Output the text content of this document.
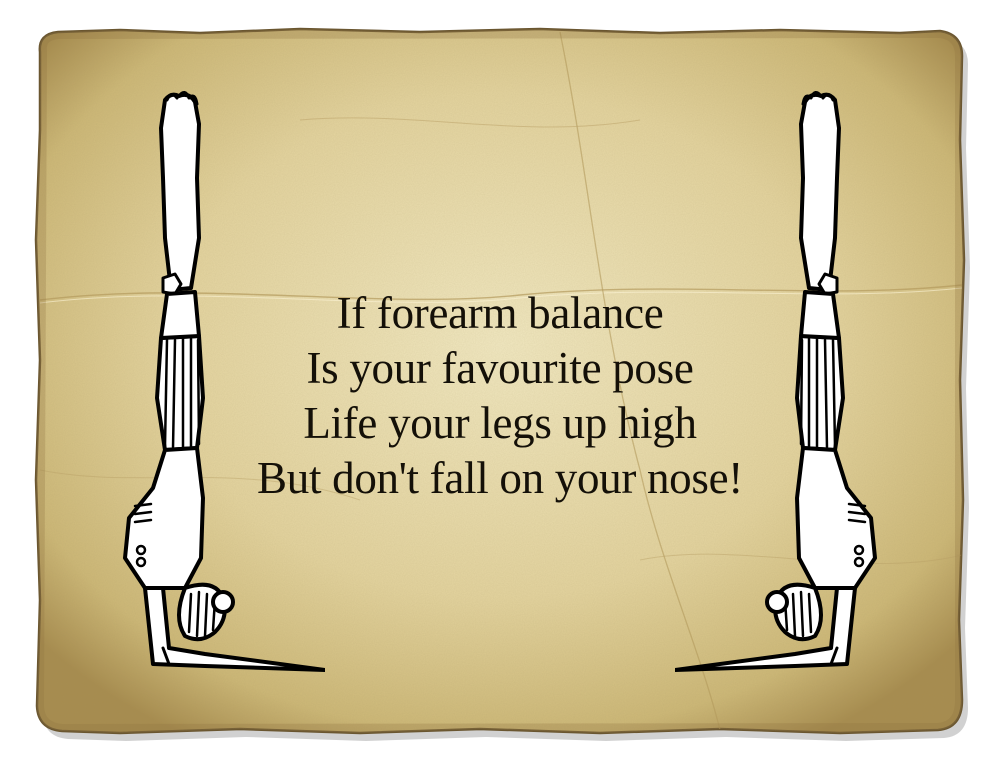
If forearm balance
Is your favourite pose
Life your legs up high
But don't fall on your nose!
